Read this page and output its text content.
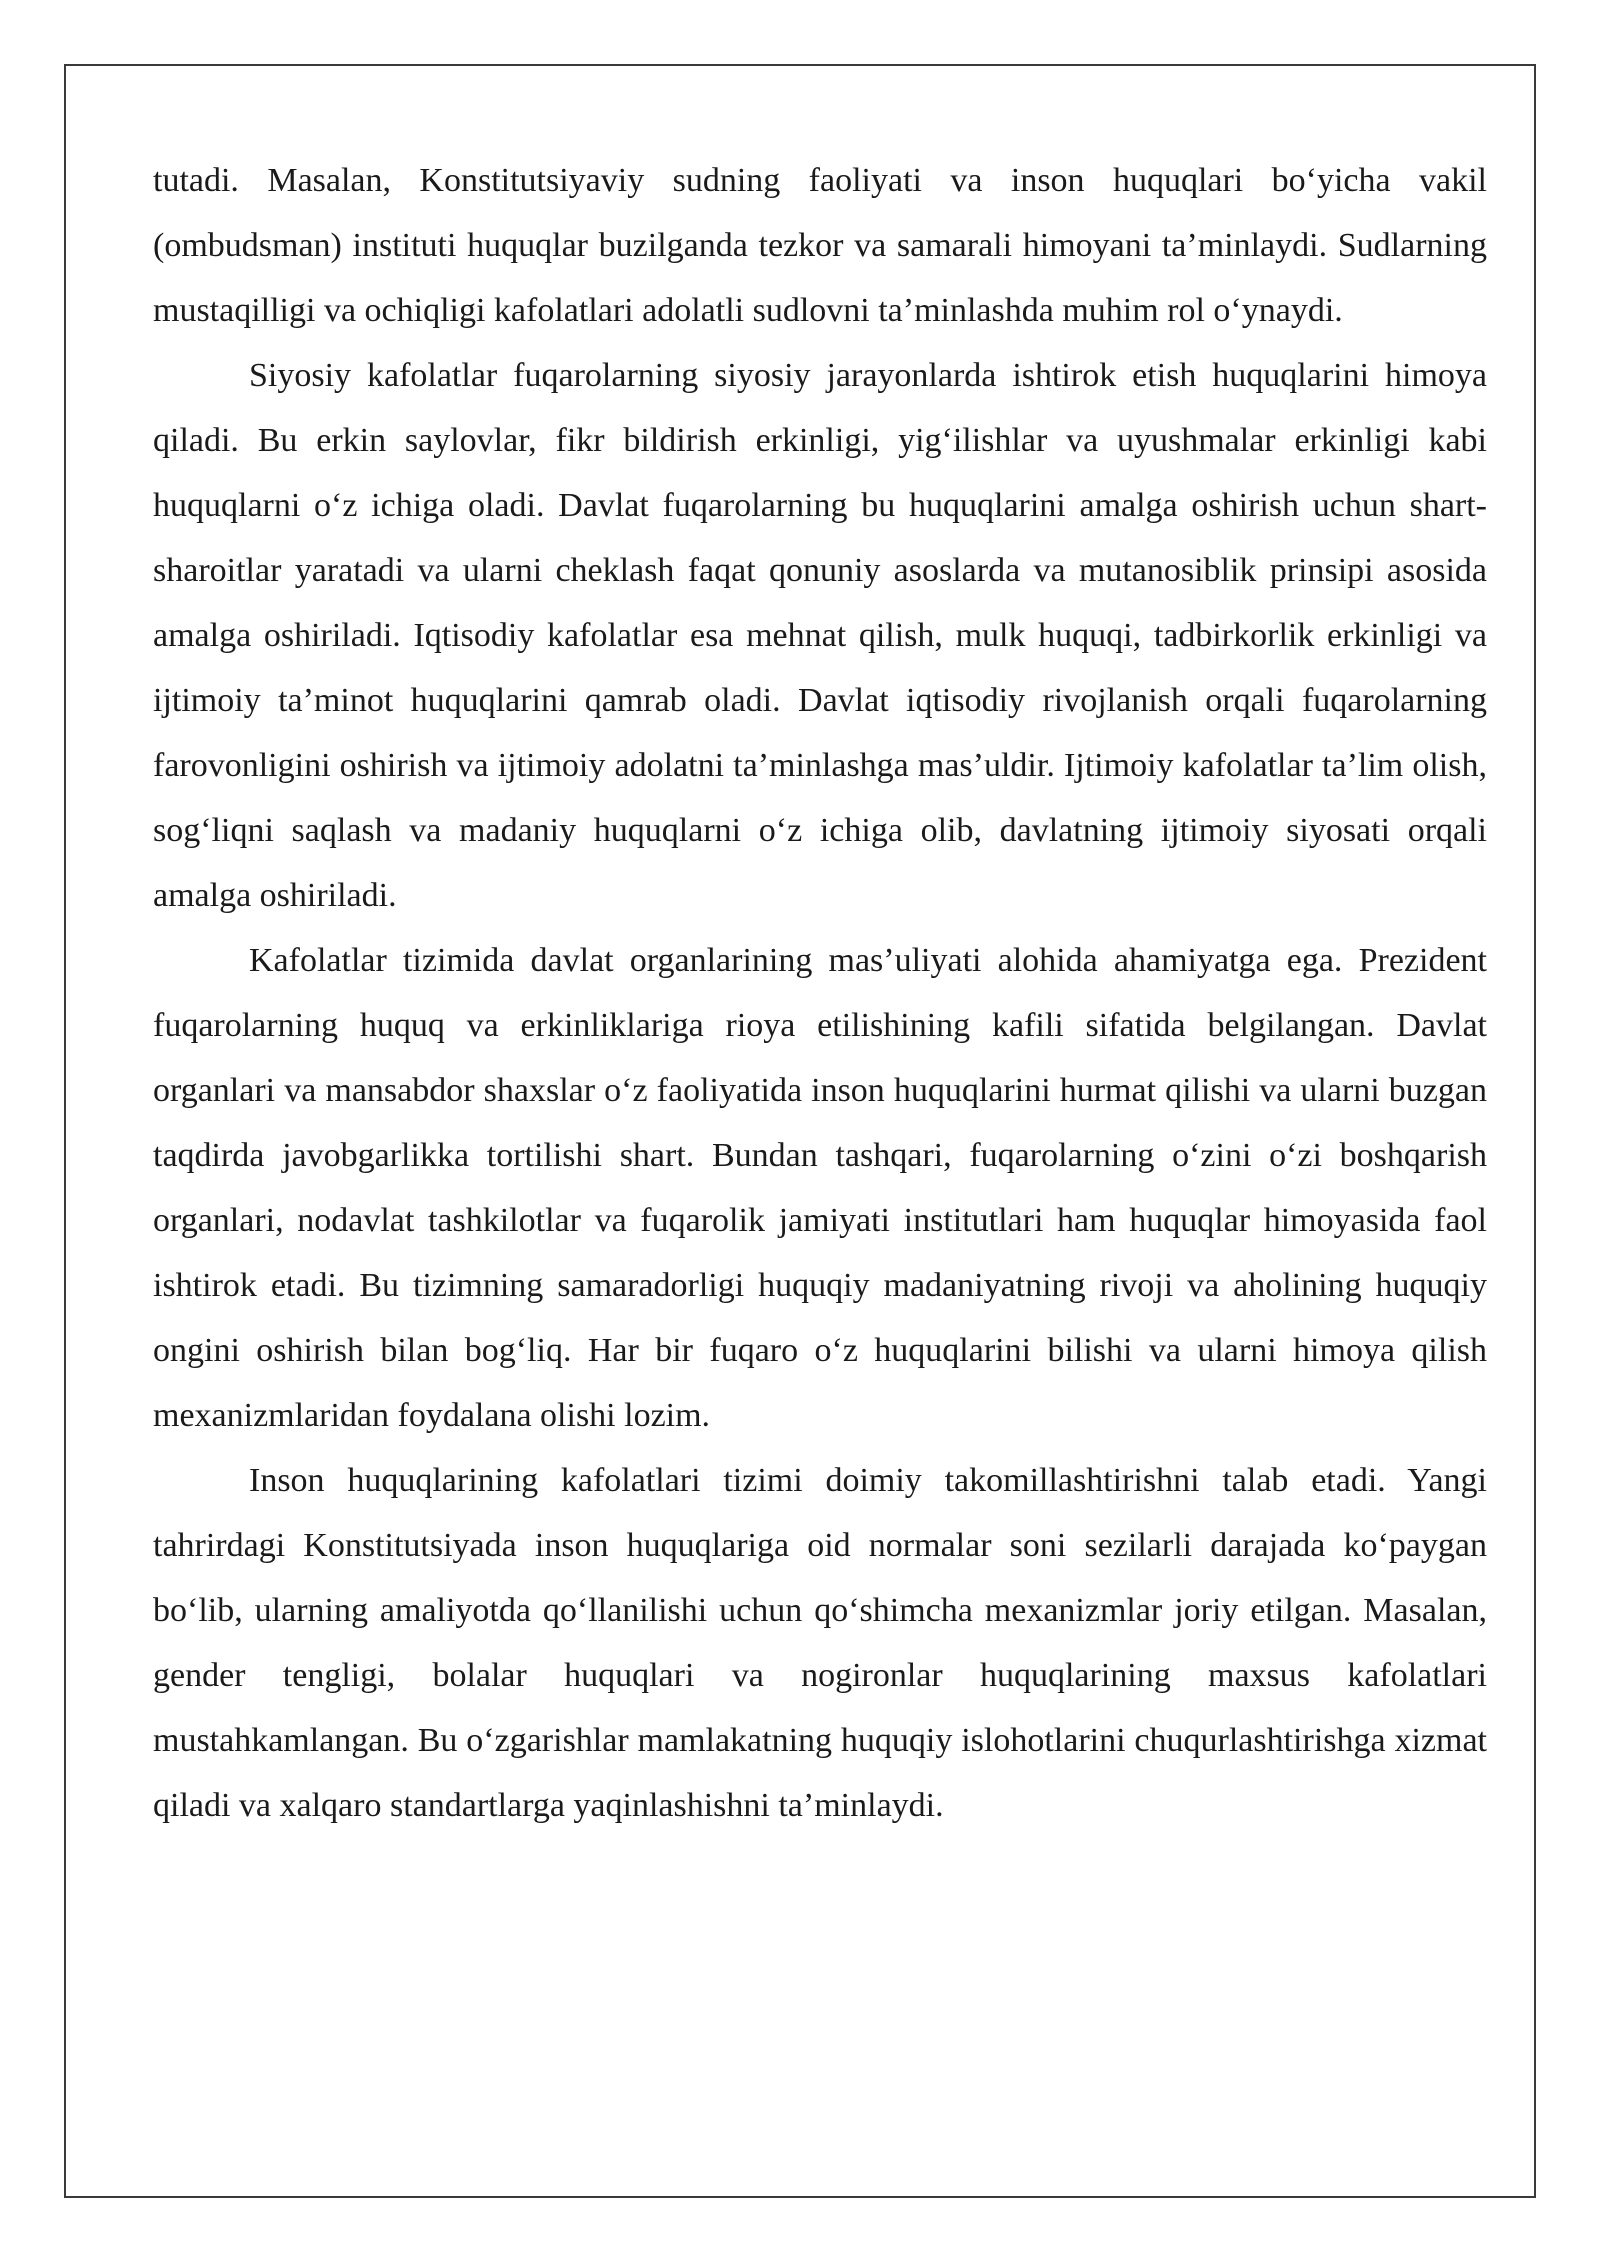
tutadi. Masalan, Konstitutsiyaviy sudning faoliyati va inson huquqlari bo‘yicha vakil (ombudsman) instituti huquqlar buzilganda tezkor va samarali himoyani ta’minlaydi. Sudlarning mustaqilligi va ochiqligi kafolatlari adolatli sudlovni ta’minlashda muhim rol o‘ynaydi.

Siyosiy kafolatlar fuqarolarning siyosiy jarayonlarda ishtirok etish huquqlarini himoya qiladi. Bu erkin saylovlar, fikr bildirish erkinligi, yig‘ilishlar va uyushmalar erkinligi kabi huquqlarni o‘z ichiga oladi. Davlat fuqarolarning bu huquqlarini amalga oshirish uchun shart-sharoitlar yaratadi va ularni cheklash faqat qonuniy asoslarda va mutanosiblik prinsipi asosida amalga oshiriladi. Iqtisodiy kafolatlar esa mehnat qilish, mulk huquqi, tadbirkorlik erkinligi va ijtimoiy ta’minot huquqlarini qamrab oladi. Davlat iqtisodiy rivojlanish orqali fuqarolarning farovonligini oshirish va ijtimoiy adolatni ta’minlashga mas’uldir. Ijtimoiy kafolatlar ta’lim olish, sog‘liqni saqlash va madaniy huquqlarni o‘z ichiga olib, davlatning ijtimoiy siyosati orqali amalga oshiriladi.

Kafolatlar tizimida davlat organlarining mas’uliyati alohida ahamiyatga ega. Prezident fuqarolarning huquq va erkinliklariga rioya etilishining kafili sifatida belgilangan. Davlat organlari va mansabdor shaxslar o‘z faoliyatida inson huquqlarini hurmat qilishi va ularni buzgan taqdirda javobgarlikka tortilishi shart. Bundan tashqari, fuqarolarning o‘zini o‘zi boshqarish organlari, nodavlat tashkilotlar va fuqarolik jamiyati institutlari ham huquqlar himoyasida faol ishtirok etadi. Bu tizimning samaradorligi huquqiy madaniyatning rivoji va aholining huquqiy ongini oshirish bilan bog‘liq. Har bir fuqaro o‘z huquqlarini bilishi va ularni himoya qilish mexanizmlaridan foydalana olishi lozim.

Inson huquqlarining kafolatlari tizimi doimiy takomillashtirishni talab etadi. Yangi tahrirdagi Konstitutsiyada inson huquqlariga oid normalar soni sezilarli darajada ko‘paygan bo‘lib, ularning amaliyotda qo‘llanilishi uchun qo‘shimcha mexanizmlar joriy etilgan. Masalan, gender tengligi, bolalar huquqlari va nogironlar huquqlarining maxsus kafolatlari mustahkamlangan. Bu o‘zgarishlar mamlakatning huquqiy islohotlarini chuqurlashtirishga xizmat qiladi va xalqaro standartlarga yaqinlashishni ta’minlaydi.
